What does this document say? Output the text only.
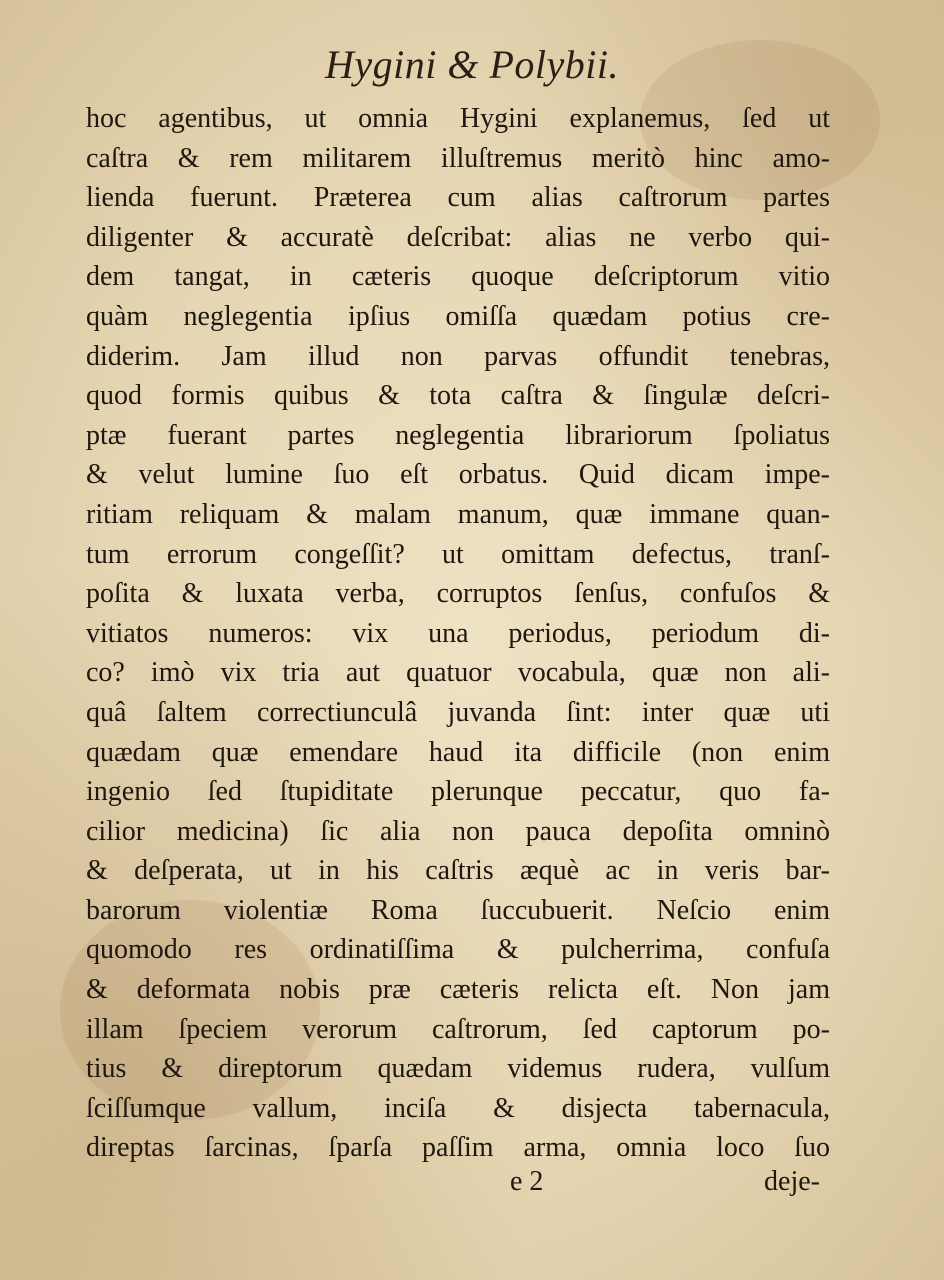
Hygini & Polybii.
hoc agentibus, ut omnia Hygini explanemus, ſed ut
caſtra & rem militarem illuſtremus meritò hinc amo-
lienda fuerunt. Præterea cum alias caſtrorum partes
diligenter & accuratè deſcribat: alias ne verbo qui-
dem tangat, in cæteris quoque deſcriptorum vitio
quàm neglegentia ipſius omiſſa quædam potius cre-
diderim. Jam illud non parvas offundit tenebras,
quod formis quibus & tota caſtra & ſingulæ deſcri-
ptæ fuerant partes neglegentia librariorum ſpoliatus
& velut lumine ſuo eſt orbatus. Quid dicam impe-
ritiam reliquam & malam manum, quæ immane quan-
tum errorum congeſſit? ut omittam defectus, tranſ-
poſita & luxata verba, corruptos ſenſus, confuſos &
vitiatos numeros: vix una periodus, periodum di-
co? imò vix tria aut quatuor vocabula, quæ non ali-
quâ ſaltem correctiunculâ juvanda ſint: inter quæ uti
quædam quæ emendare haud ita difficile (non enim
ingenio ſed ſtupiditate plerunque peccatur, quo fa-
cilior medicina) ſic alia non pauca depoſita omninò
& deſperata, ut in his caſtris æquè ac in veris bar-
barorum violentiæ Roma ſuccubuerit. Neſcio enim
quomodo res ordinatiſſima & pulcherrima, confuſa
& deformata nobis præ cæteris relicta eſt. Non jam
illam ſpeciem verorum caſtrorum, ſed captorum po-
tius & direptorum quædam videmus rudera, vulſum
ſciſſumque vallum, inciſa & disjecta tabernacula,
direptas ſarcinas, ſparſa paſſim arma, omnia loco ſuo
e 2	deje-
